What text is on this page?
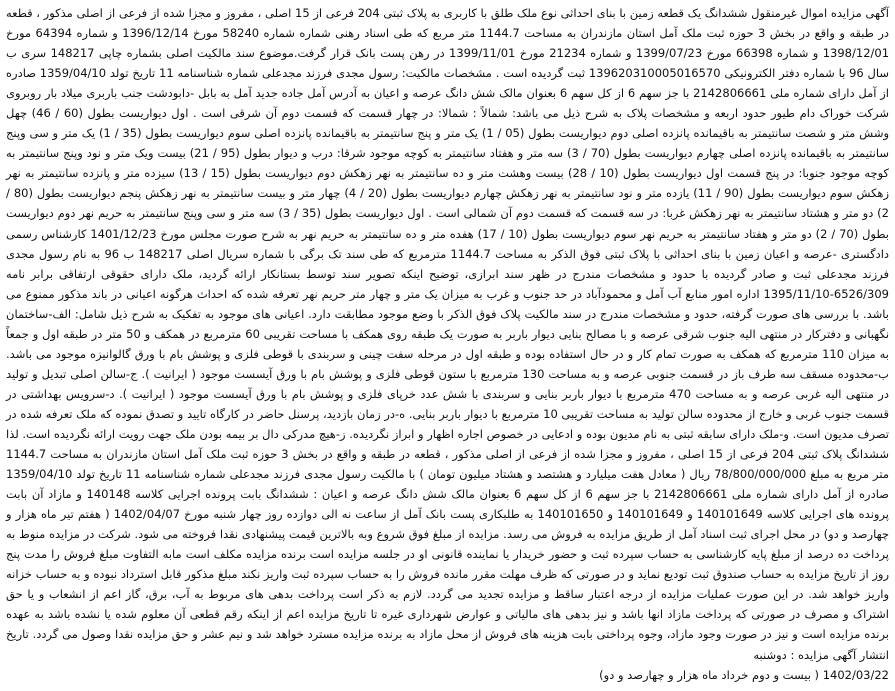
آگهی مزایده اموال غیرمنقول ششدانگ یک قطعه زمین با بنای احداثی نوع ملک طلق با کاربری به پلاک ثبتی 204 فرعی از 15 اصلی ، مفروز و مجزا شده از فرعی از اصلی مذکور ، قطعه در طبقه و واقع در بخش 3 حوزه ثبت ملک آمل استان مازندران به مساحت 1144.7 متر مربع که طی اسناد رهنی شماره شماره 58240 مورخ 1396/12/14 و شماره 64394 مورخ 1398/12/01 و شماره 66398 مورخ 1399/07/23 و شماره 21234 مورخ 1399/11/01 در رهن پست بانک قرار گرفت.موضوع سند مالکیت اصلی بشماره چاپی 148217 سری ب سال 96 با شماره دفتر الکترونیکی 139620310005016570 ثبت گردیده است . مشخصات مالکیت: رسول مجدی فرزند مجدعلی شماره شناسنامه 11 تاریخ تولد 1359/04/10 صادره از آمل دارای شماره ملی 2142806661 با جز سهم 6 از کل سهم 6 بعنوان مالک شش دانگ عرصه و اعیان به آدرس آمل جاده جدید آمل به بابل -دابودشت جنب باربری میلاد بار روبروی شرکت خوراک دام طیور حدود اربعه و مشخصات پلاک به شرح ذیل می باشد: شمالاً : شمالا: در چهار قسمت که قسمت دوم آن شرقی است . اول دیواریست بطول (60 / 46) چهل وشش متر و شصت سانتیمتر به باقیمانده پانزده اصلی دوم دیواریست بطول (05 / 1) یک متر و پنج سانتیمتر به باقیمانده پانزده اصلی سوم دیواریست بطول (35 / 1) یک متر و سی وپنج سانتیمتر به باقیمانده پانزده اصلی چهارم دیواریست بطول (70 / 3) سه متر و هفتاد سانتیمتر به کوچه موجود شرقا: درب و دیوار بطول (95 / 21) بیست ویک متر و نود وپنج سانتیمتر به کوچه موجود جنوبا: در پنج قسمت اول دیواریست بطول (10 / 28) بیست وهشت متر و ده سانتیمتر به نهر زهکش دوم دیواریست بطول (15 / 13) سیزده متر و پانزده سانتیمتر به نهر زهکش سوم دیواریست بطول (90 / 11) یازده متر و نود سانتیمتر به نهر زهکش چهارم دیواریست بطول (20 / 4) چهار متر و بیست سانتیمتر به نهر زهکش پنجم دیواریست بطول (80 / 2) دو متر و هشتاد سانتیمتر به نهر زهکش غربا: در سه قسمت که قسمت دوم آن شمالی است . اول دیواریست بطول (35 / 3) سه متر و سی وپنج سانتیمتر به حریم نهر دوم دیواریست بطول (70 / 2) دو متر و هفتاد سانتیمتر به حریم نهر سوم دیواریست بطول (10 / 17) هفده متر و ده سانتیمتر به حریم نهر به شرح صورت مجلس مورخ 1401/12/23 کارشناس رسمی دادگستری -عرصه و اعیان زمین با بنای احداثی با پلاک ثبتی فوق الذکر به مساحت 1144.7 مترمربع که طی سند تک برگی با شماره سریال اصلی 148217 ب 96 به نام رسول مجدی فرزند مجدعلی ثبت و صادر گردیده با حدود و مشخصات مندرج در ظهر سند ابرازی، توضیح اینکه تصویر سند توسط بستانکار ارائه گردید، ملک دارای حقوقی ارتفاقی برابر نامه 6526/309-1395/11/10 اداره امور منابع آب آمل و محمودآباد در حد جنوب و غرب به میزان یک متر و چهار متر حریم نهر تعرفه شده که احداث هرگونه اعیانی در باند مذکور ممنوع می باشد. با بررسی های صورت گرفته، حدود و مشخصات مندرج در سند مالکیت پلاک فوق الذکر با وضع موجود مطابقت دارد. اعیانی های موجود به تفکیک به شرح ذیل شامل: الف-ساختمان نگهبانی و دفترکار در منتهی الیه جنوب شرقی عرصه و با مصالح بنایی دیوار باربر به صورت یک طبقه روی همکف با مساحت تقریبی 60 مترمربع در همکف و 50 متر در طبقه اول و جمعاً به میزان 110 مترمربع که همکف به صورت تمام کار و در حال استفاده بوده و طبقه اول در مرحله سفت چینی و سربندی با قوطی فلزی و پوشش بام با ورق گالوانیزه موجود می باشد. ب-محدوده مسقف سه طرف باز در قسمت جنوبی عرصه و به مساحت 130 مترمربع با ستون قوطی فلزی و پوشش بام با ورق آیسست موجود ( ایرانیت ). ج-سالن اصلی تبدیل و تولید در منتهی الیه غربی عرصه و به مساحت 470 مترمربع با دیوار باربر بنایی و سربندی با شش عدد خرپای فلزی و پوشش بام با ورق آیسست موجود ( ایرانیت ). د-سرویس بهداشتی در قسمت جنوب غربی و خارج از محدوده سالن تولید به مساحت تقریبی 10 مترمربع با دیوار باربر بنایی. ه-در زمان بازدید، پرسنل حاضر در کارگاه تایید و تصدق نموده که ملک تعرفه شده در تصرف مدیون است. و-ملک دارای سابقه ثبتی به نام مدیون بوده و ادعایی در خصوص اجاره اظهار و ابراز نگردیده. ز-هیچ مدرکی دال بر بیمه بودن ملک جهت رویت ارائه نگردیده است. لذا ششدانگ پلاک ثبتی 204 فرعی از 15 اصلی ، مفروز و مجزا شده از فرعی از اصلی مذکور ، قطعه در طبقه و واقع در بخش 3 حوزه ثبت ملک آمل استان مازندران به مساحت 1144.7 متر مربع به مبلغ 78/800/000/000 ریال ( معادل هفت میلیارد و هشتصد و هشتاد میلیون تومان ) با مالکیت رسول مجدی فرزند مجدعلی شماره شناسنامه 11 تاریخ تولد 1359/04/10 صادره از آمل دارای شماره ملی 2142806661 با جز سهم 6 از کل سهم 6 بعنوان مالک شش دانگ عرصه و اعیان : ششدانگ بابت پرونده اجرایی کلاسه 140148 و مازاد آن بابت پرونده های اجرایی کلاسه 140101649 و 140101649 و 140101650 به طلبکاری پست بانک آمل از ساعت نه الی دوازده روز چهار شنبه مورخ 1402/04/07 ( هفتم تیر ماه هزار و چهارصد و دو) در محل اجرای ثبت اسناد آمل از طریق مزایده به فروش می رسد. مزایده از مبلغ فوق شروع وبه بالاترین قیمت پیشنهادی نقدا فروخته می شود. شرکت در مزایده منوط به پرداخت ده درصد از مبلغ پایه کارشناسی به حساب سپرده ثبت و حضور خریدار یا نماینده قانونی او در جلسه مزایده است برنده مزایده مکلف است مابه التفاوت مبلغ فروش را مدت پنج روز از تاریخ مزایده به حساب صندوق ثبت تودیع نماید و در صورتی که ظرف مهلت مقرر مانده فروش را به حساب سپرده ثبت واریز نکند مبلغ مذکور قابل استرداد نبوده و به حساب خزانه واریز خواهد شد. در این صورت عملیات مزایده از درجه اعتبار ساقط و مزایده تجدید می گردد. لازم به ذکر است پرداخت بدهی های مربوط به آب، برق، گاز اعم از انشعاب و یا حق اشتراک و مصرف در صورتی که پرداخت مازاد انها باشد و نیز بدهی های مالیاتی و عوارض شهرداری غیره تا تاریخ مزایده اعم از اینکه رقم قطعی آن معلوم شده یا نشده باشد به عهده برنده مزایده است و نیز در صورت وجود مازاد، وجوه پرداختی بابت هزینه های فروش از محل مازاد به برنده مزایده مسترد خواهد شد و نیم عشر و حق مزایده نقدا وصول می گردد. تاریخ انتشار آگهی مزایده : دوشنبه

1402/03/22 ( بیست و دوم خرداد ماه هزار و چهارصد و دو)
